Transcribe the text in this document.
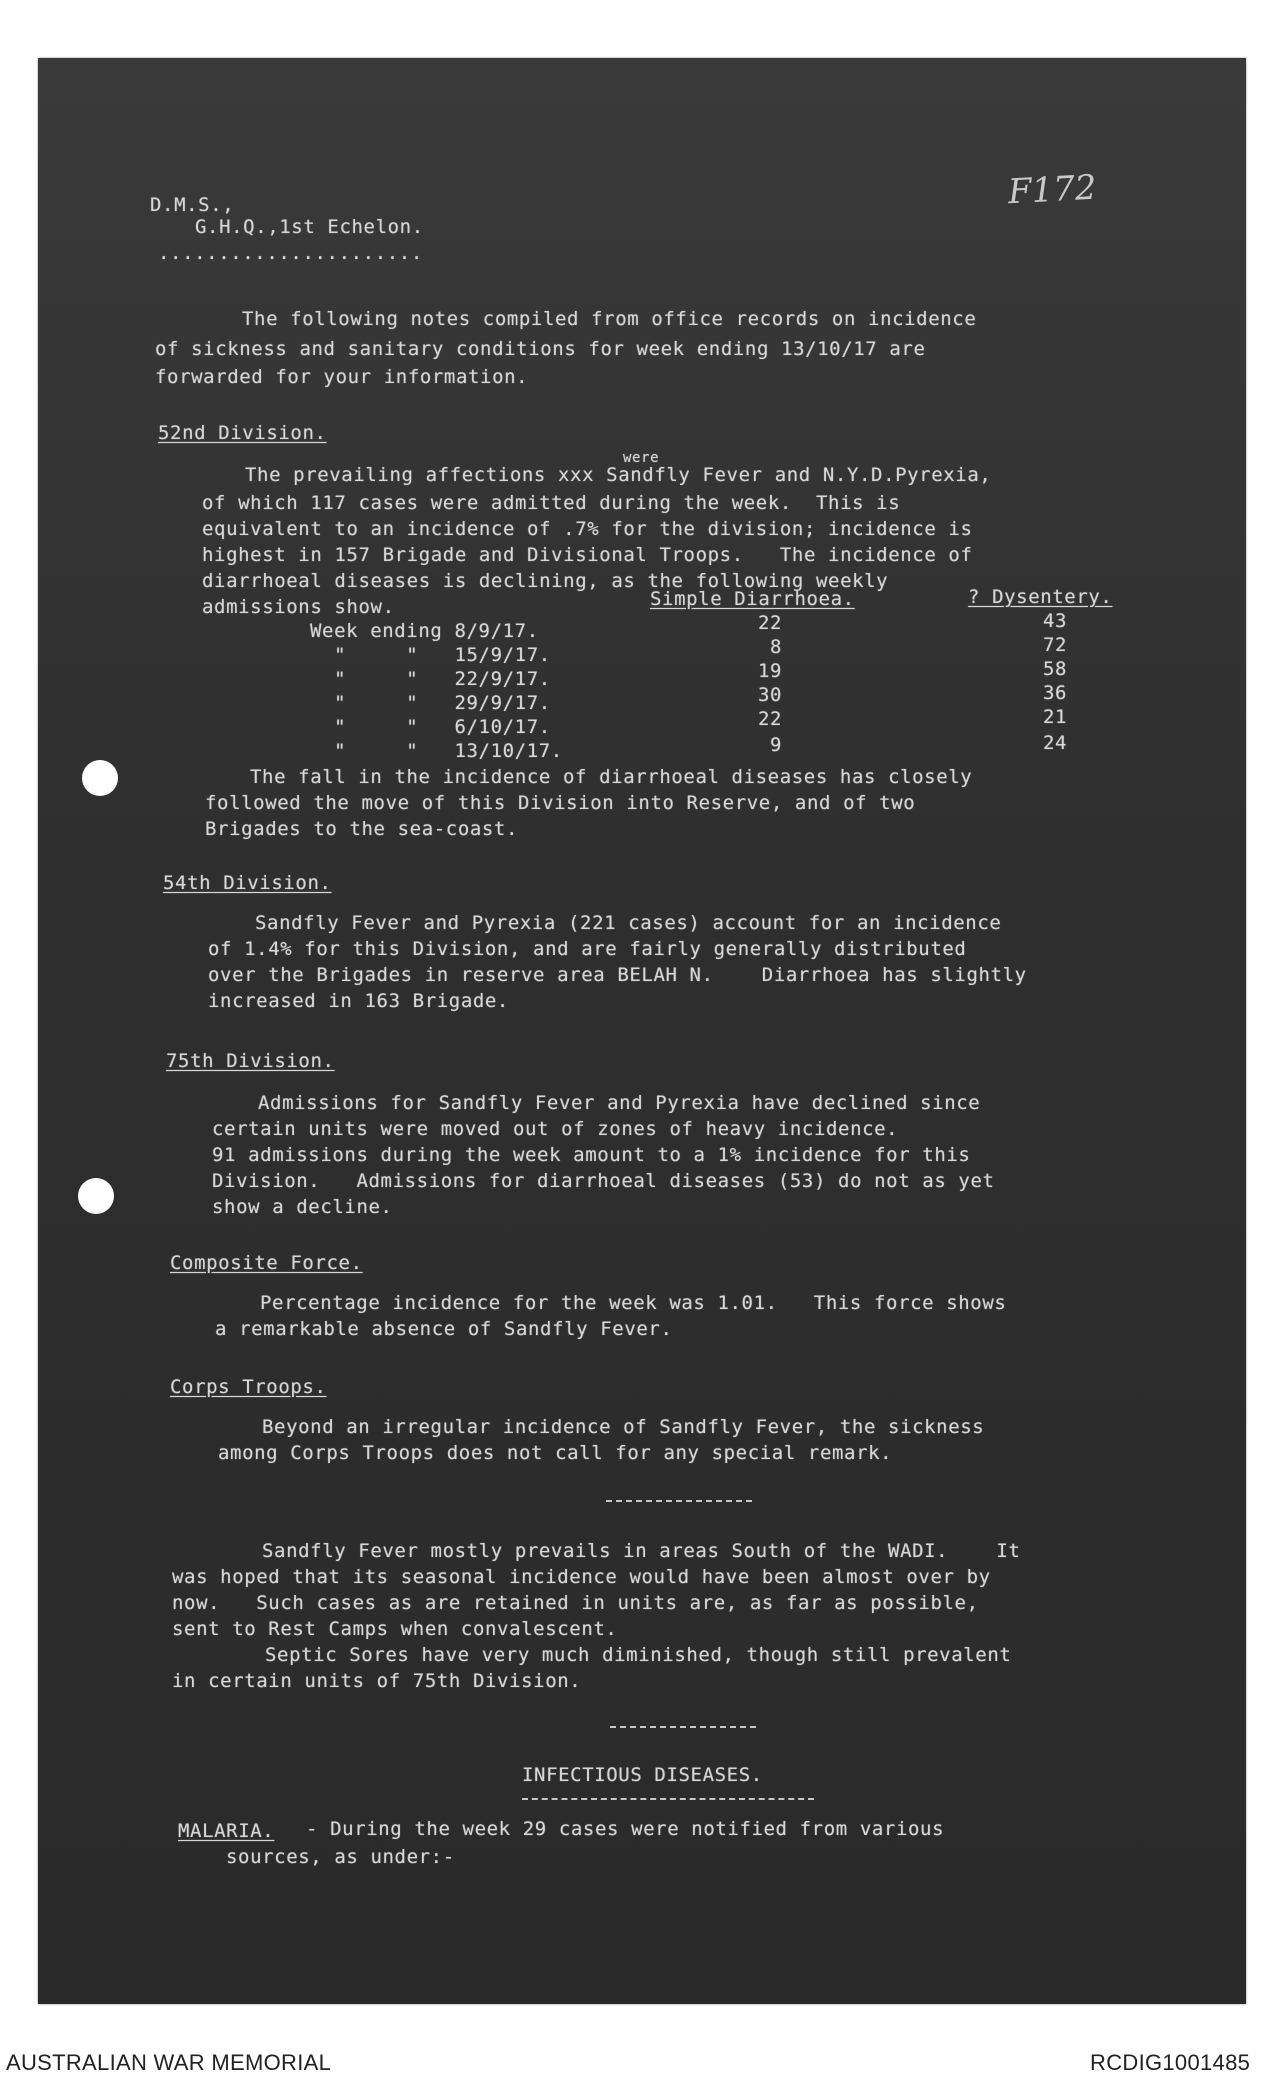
F172
D.M.S.,
G.H.Q.,1st Echelon.
......................
The following notes compiled from office records on incidence
of sickness and sanitary conditions for week ending 13/10/17 are
forwarded for your information.
52nd Division.
were
The prevailing affections xxx Sandfly Fever and N.Y.D.Pyrexia,
of which 117 cases were admitted during the week.  This is
equivalent to an incidence of .7% for the division; incidence is
highest in 157 Brigade and Divisional Troops.   The incidence of
diarrhoeal diseases is declining, as the following weekly
admissions show.	Simple Diarrhoea.	? Dysentery.
Week ending 8/9/17.	22	43
"     "   15/9/17.	8	72
"     "   22/9/17.	19	58
"     "   29/9/17.	30	36
"     "   6/10/17.	22	21
"     "   13/10/17.	9	24
The fall in the incidence of diarrhoeal diseases has closely
followed the move of this Division into Reserve, and of two
Brigades to the sea-coast.
54th Division.
Sandfly Fever and Pyrexia (221 cases) account for an incidence
of 1.4% for this Division, and are fairly generally distributed
over the Brigades in reserve area BELAH N.    Diarrhoea has slightly
increased in 163 Brigade.
75th Division.
Admissions for Sandfly Fever and Pyrexia have declined since
certain units were moved out of zones of heavy incidence.
91 admissions during the week amount to a 1% incidence for this
Division.   Admissions for diarrhoeal diseases (53) do not as yet
show a decline.
Composite Force.
Percentage incidence for the week was 1.01.   This force shows
a remarkable absence of Sandfly Fever.
Corps Troops.
Beyond an irregular incidence of Sandfly Fever, the sickness
among Corps Troops does not call for any special remark.
Sandfly Fever mostly prevails in areas South of the WADI.    It
was hoped that its seasonal incidence would have been almost over by
now.   Such cases as are retained in units are, as far as possible,
sent to Rest Camps when convalescent.
Septic Sores have very much diminished, though still prevalent
in certain units of 75th Division.
INFECTIOUS DISEASES.
MALARIA. - During the week 29 cases were notified from various
sources, as under:-
AUSTRALIAN WAR MEMORIAL	RCDIG1001485
